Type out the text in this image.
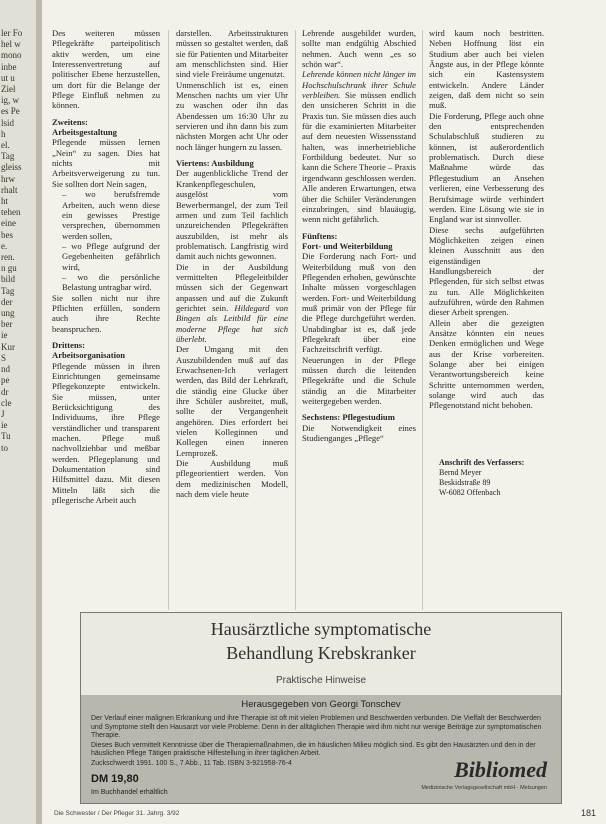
ler Fo
hel w
mono
inbe
ut u
Ziel
ig, w
es Pe
lsid
h
el.
Tag
gleiss
hrw
rhalt
ht
tehen
eine
bes
e.
ren.
n gu
bild
Tag
der
ung
ber
ie
Kur
S
nd
pe
dr
cle
J
ie
Tu
to

Des weiteren müssen Pflegekräfte parteipolitisch aktiv werden, um eine Interessenvertretung auf politischer Ebene herzustellen, um dort für die Belange der Pflege Einfluß nehmen zu können.

Zweitens:

Arbeitsgestaltung

Pflegende müssen lernen „Nein“ zu sagen. Dies hat nichts mit Arbeitsverweigerung zu tun. Sie sollten dort Nein sagen,

– wo berufsfremde Arbeiten, auch wenn diese ein gewisses Prestige versprechen, übernommen werden sollen,
– wo Pflege aufgrund der Gegebenheiten gefährlich wird,
– wo die persönliche Belastung untragbar wird.

Sie sollen nicht nur ihre Pflichten erfüllen, sondern auch ihre Rechte beanspruchen.

Drittens:

Arbeitsorganisation

Pflegende müssen in ihren Einrichtungen gemeinsame Pflegekonzepte entwickeln. Sie müssen, unter Berücksichtigung des Individuums, ihre Pflege verständlicher und transparent machen. Pflege muß nachvollziehbar und meßbar werden. Pflegeplanung und Dokumentation sind Hilfsmittel dazu. Mit diesen Mitteln läßt sich die pflegerische Arbeit auch

darstellen. Arbeitsstrukturen müssen so gestaltet werden, daß sie für Patienten und Mitarbeiter am menschlichsten sind. Hier sind viele Freiräume ungenutzt.

Unmenschlich ist es, einen Menschen nachts um vier Uhr zu waschen oder ihn das Abendessen um 16:30 Uhr zu servieren und ihn dann bis zum nächsten Morgen acht Uhr oder noch länger hungern zu lassen.

Viertens: Ausbildung

Der augenblickliche Trend der Krankenpflegeschulen, ausgelöst vom Bewerbermangel, der zum Teil armen und zum Teil fachlich unzureichenden Pflegekräften auszubilden, ist mehr als problematisch. Langfristig wird damit auch nichts gewonnen.

Die in der Ausbildung vermittelten Pflegeleitbilder müssen sich der Gegenwart anpassen und auf die Zukunft gerichtet sein. Hildegard von Bingen als Leitbild für eine moderne Pflege hat sich überlebt.

Der Umgang mit den Auszubildenden muß auf das Erwachsenen-Ich verlagert werden, das Bild der Lehrkraft, die ständig eine Glucke über ihre Schüler ausbreitet, muß, sollte der Vergangenheit angehören. Dies erfordert bei vielen Kolleginnen und Kollegen einen inneren Lernprozeß.

Die Ausbildung muß pflegeorientiert werden. Von dem medizinischen Modell, nach dem viele heute

Lehrende ausgebildet wurden, sollte man endgültig Abschied nehmen. Auch wenn „es so schön war“.

Lehrende können nicht länger im Hochschulschrank ihrer Schule verbleiben. Sie müssen endlich den unsicheren Schritt in die Praxis tun. Sie müssen dies auch für die examinierten Mitarbeiter auf dem neuesten Wissensstand halten, was innerbetriebliche Fortbildung bedeutet. Nur so kann die Schere Theorie – Praxis irgendwann geschlossen werden. Alle anderen Erwartungen, etwa über die Schüler Veränderungen einzubringen, sind blauäugig, wenn nicht gefährlich.

Fünftens:

Fort- und Weiterbildung

Die Forderung nach Fort- und Weiterbildung muß von den Pflegenden erhoben, gewünschte Inhalte müssen vorgeschlagen werden. Fort- und Weiterbildung muß primär von der Pflege für die Pflege durchgeführt werden. Unabdingbar ist es, daß jede Pflegekraft über eine Fachzeitschrift verfügt.

Neuerungen in der Pflege müssen durch die leitenden Pflegekräfte und die Schule ständig an die Mitarbeiter weitergegeben werden.

Sechstens: Pflegestudium

Die Notwendigkeit eines Studienganges „Pflege“

wird kaum noch bestritten. Neben Hoffnung löst ein Studium aber auch bei vielen Ängste aus, in der Pflege könnte sich ein Kastensystem entwickeln. Andere Länder zeigen, daß dem nicht so sein muß.

Die Forderung, Pflege auch ohne den entsprechenden Schulabschluß studieren zu können, ist außerordentlich problematisch. Durch diese Maßnahme würde das Pflegestudium an Ansehen verlieren, eine Verbesserung des Berufsimage würde verhindert werden. Eine Lösung wie sie in England war ist sinnvoller.

Diese sechs aufgeführten Möglichkeiten zeigen einen kleinen Ausschnitt aus den eigenständigen Handlungsbereich der Pflegenden, für sich selbst etwas zu tun. Alle Möglichkeiten aufzuführen, würde den Rahmen dieser Arbeit sprengen.

Allein aber die gezeigten Ansätze könnten ein neues Denken ermöglichen und Wege aus der Krise vorbereiten. Solange aber bei einigen Verantwortungsbereich keine Schritte unternommen werden, solange wird auch das Pflegenotstand nicht behoben.

Anschrift des Verfassers:
Bernd Meyer
Beskidstraße 89
W-6082 Offenbach
Hausärztliche symptomatische
Behandlung Krebskranker
Praktische Hinweise
Herausgegeben von Georgi Tonschev

Der Verlauf einer malignen Erkrankung und ihre Therapie ist oft mit vielen Problemen und Beschwerden verbunden. Die Vielfalt der Beschwerden und Symptome stellt den Hausarzt vor viele Probleme. Denn in der alltäglichen Therapie wird ihm nicht nur wenige Beiträge zur symptomatischen Therapie.

Dieses Buch vermittelt Kenntnisse über die Therapiemaßnahmen, die im häuslichen Milieu möglich sind. Es gibt den Hausärzten und den in der häuslichen Pflege Tätigen praktische Hilfestellung in ihrer täglichen Arbeit.

Zuckschwerdt 1991. 100 S., 7 Abb., 11 Tab. ISBN 3-921958-76-4

DM 19,80
Im Buchhandel erhältlich
Bibliomed
Medizinische Verlagsgesellschaft mbH · Melsungen
Die Schwester / Der Pfleger 31. Jahrg. 3/92	181
